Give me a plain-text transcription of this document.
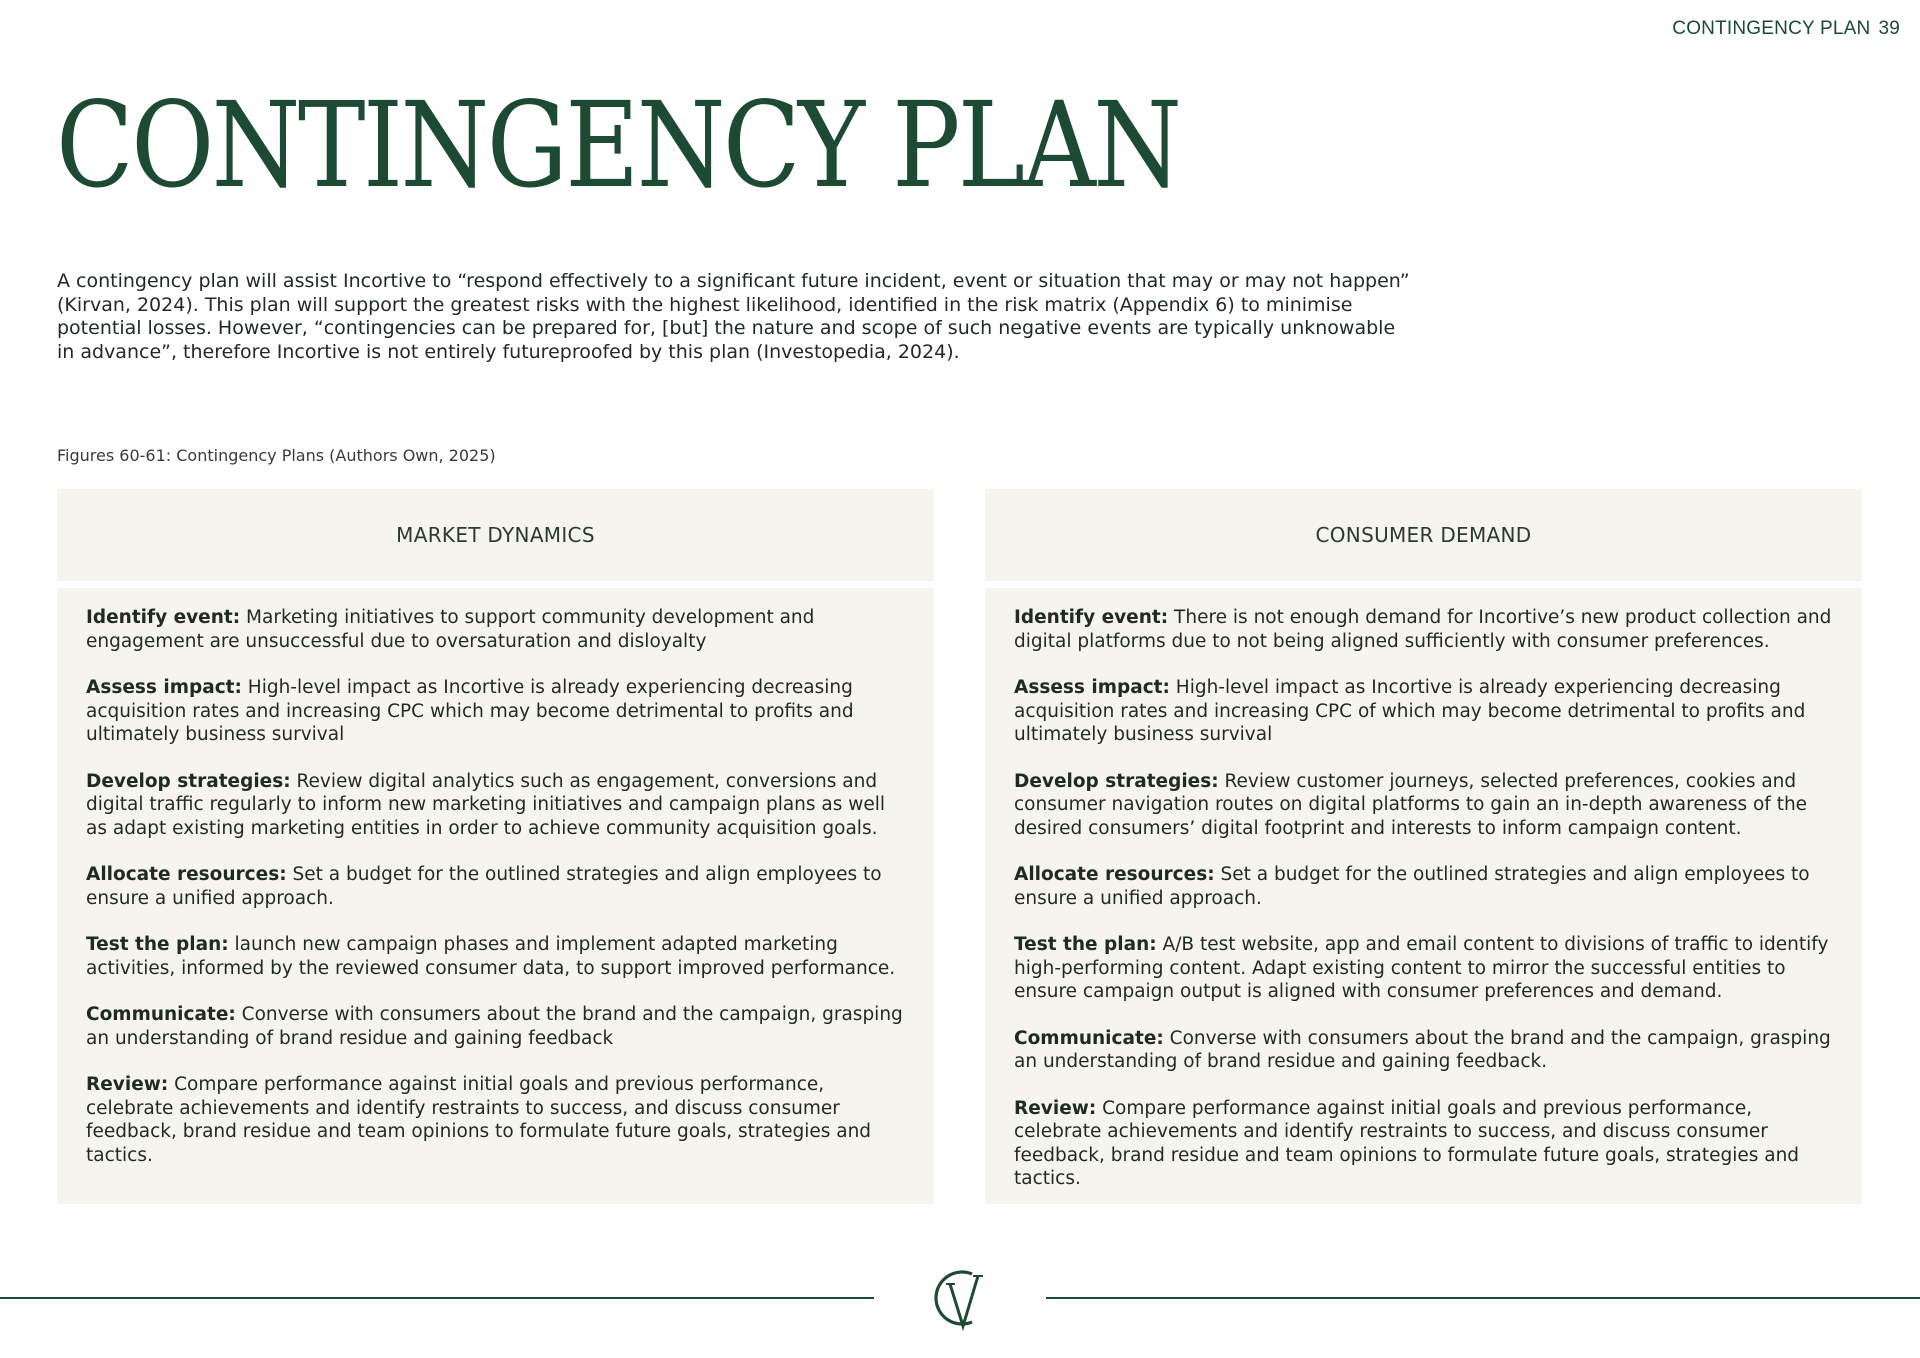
CONTINGENCY PLAN 39
CONTINGENCY PLAN

A contingency plan will assist Incortive to “respond effectively to a significant future incident, event or situation that may or may not happen” (Kirvan, 2024). This plan will support the greatest risks with the highest likelihood, identified in the risk matrix (Appendix 6) to minimise potential losses. However, “contingencies can be prepared for, [but] the nature and scope of such negative events are typically unknowable in advance”, therefore Incortive is not entirely futureproofed by this plan (Investopedia, 2024).

Figures 60-61: Contingency Plans (Authors Own, 2025)
MARKET DYNAMICS

Identify event: Marketing initiatives to support community development and engagement are unsuccessful due to oversaturation and disloyalty

Assess impact: High-level impact as Incortive is already experiencing decreasing acquisition rates and increasing CPC which may become detrimental to profits and ultimately business survival

Develop strategies: Review digital analytics such as engagement, conversions and digital traffic regularly to inform new marketing initiatives and campaign plans as well as adapt existing marketing entities in order to achieve community acquisition goals.

Allocate resources: Set a budget for the outlined strategies and align employees to ensure a unified approach.

Test the plan: launch new campaign phases and implement adapted marketing activities, informed by the reviewed consumer data, to support improved performance.

Communicate: Converse with consumers about the brand and the campaign, grasping an understanding of brand residue and gaining feedback

Review: Compare performance against initial goals and previous performance, celebrate achievements and identify restraints to success, and discuss consumer feedback, brand residue and team opinions to formulate future goals, strategies and tactics.

CONSUMER DEMAND

Identify event: There is not enough demand for Incortive’s new product collection and digital platforms due to not being aligned sufficiently with consumer preferences.

Assess impact: High-level impact as Incortive is already experiencing decreasing acquisition rates and increasing CPC of which may become detrimental to profits and ultimately business survival

Develop strategies: Review customer journeys, selected preferences, cookies and consumer navigation routes on digital platforms to gain an in-depth awareness of the desired consumers’ digital footprint and interests to inform campaign content.

Allocate resources: Set a budget for the outlined strategies and align employees to ensure a unified approach.

Test the plan: A/B test website, app and email content to divisions of traffic to identify high-performing content. Adapt existing content to mirror the successful entities to ensure campaign output is aligned with consumer preferences and demand.

Communicate: Converse with consumers about the brand and the campaign, grasping an understanding of brand residue and gaining feedback.

Review: Compare performance against initial goals and previous performance, celebrate achievements and identify restraints to success, and discuss consumer feedback, brand residue and team opinions to formulate future goals, strategies and tactics.
